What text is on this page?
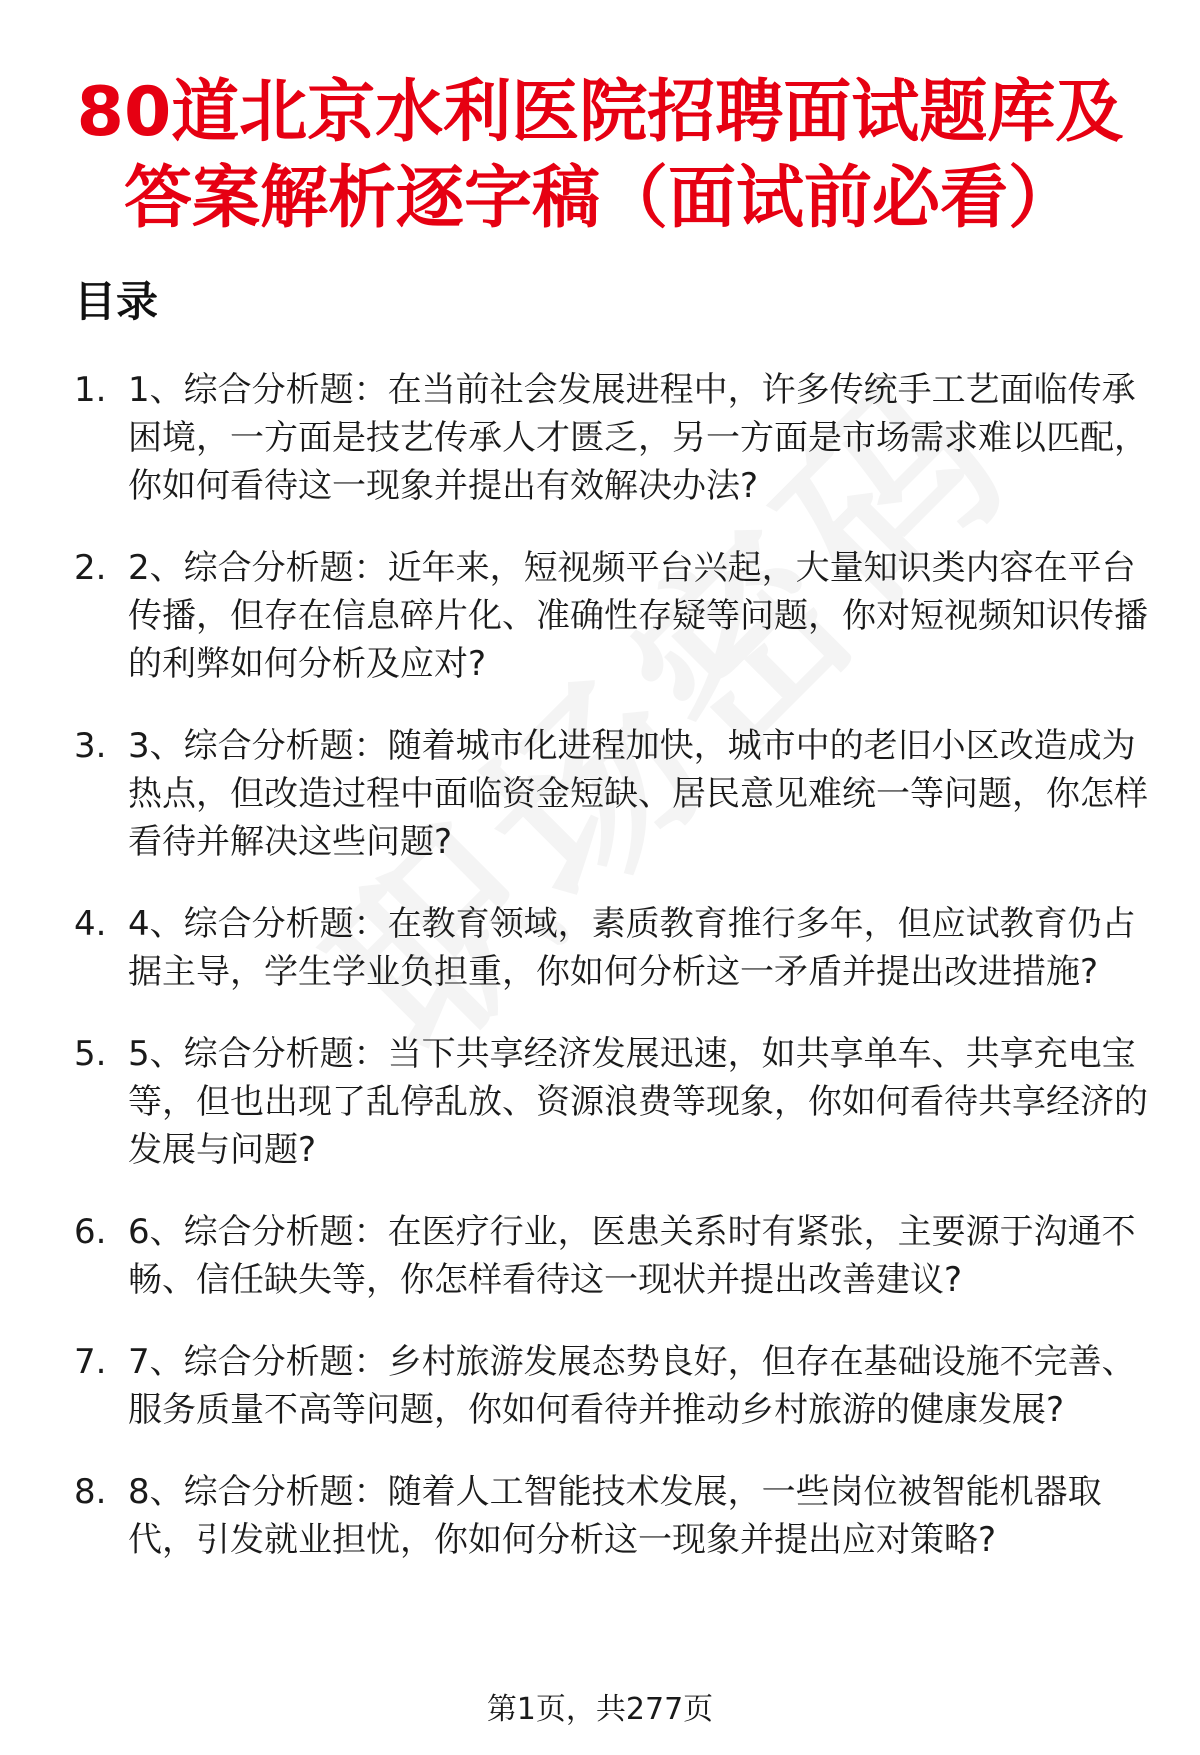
80道北京水利医院招聘面试题库及答案解析逐字稿（面试前必看）
目录
1. 1、综合分析题：在当前社会发展进程中，许多传统手工艺面临传承困境，一方面是技艺传承人才匮乏，另一方面是市场需求难以匹配，你如何看待这一现象并提出有效解决办法?
2. 2、综合分析题：近年来，短视频平台兴起，大量知识类内容在平台传播，但存在信息碎片化、准确性存疑等问题，你对短视频知识传播的利弊如何分析及应对?
3. 3、综合分析题：随着城市化进程加快，城市中的老旧小区改造成为热点，但改造过程中面临资金短缺、居民意见难统一等问题，你怎样看待并解决这些问题?
4. 4、综合分析题：在教育领域，素质教育推行多年，但应试教育仍占据主导，学生学业负担重，你如何分析这一矛盾并提出改进措施?
5. 5、综合分析题：当下共享经济发展迅速，如共享单车、共享充电宝等，但也出现了乱停乱放、资源浪费等现象，你如何看待共享经济的发展与问题?
6. 6、综合分析题：在医疗行业，医患关系时有紧张，主要源于沟通不畅、信任缺失等，你怎样看待这一现状并提出改善建议?
7. 7、综合分析题：乡村旅游发展态势良好，但存在基础设施不完善、服务质量不高等问题，你如何看待并推动乡村旅游的健康发展?
8. 8、综合分析题：随着人工智能技术发展，一些岗位被智能机器取代，引发就业担忧，你如何分析这一现象并提出应对策略?
第1页，共277页
